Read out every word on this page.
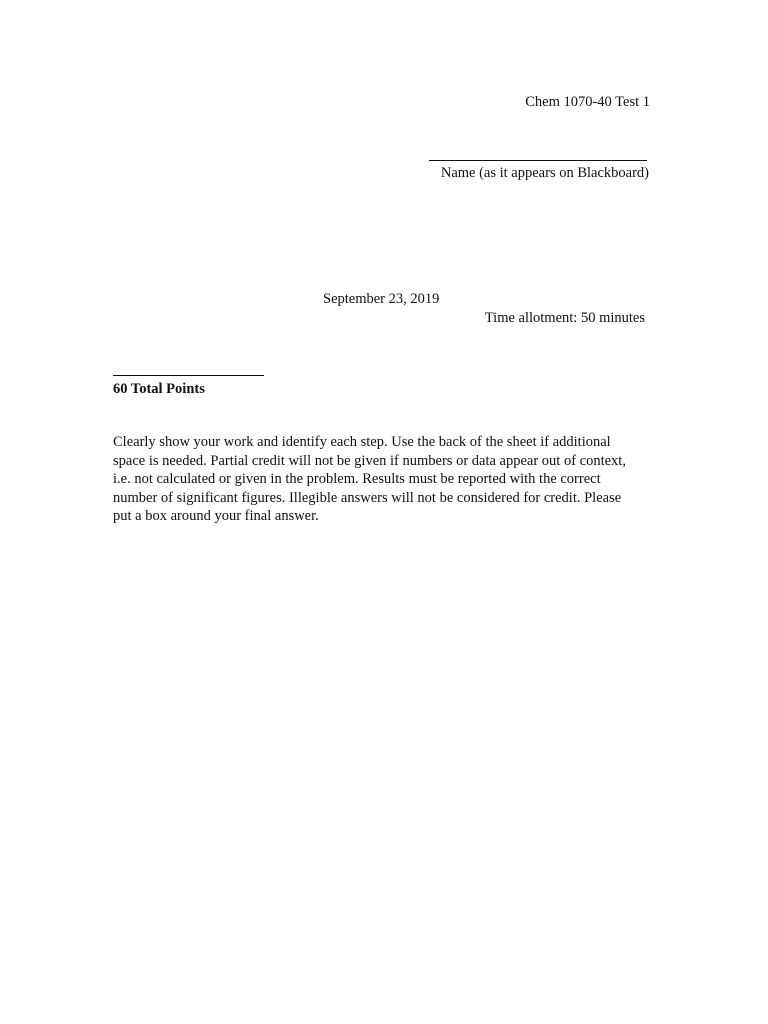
Chem 1070-40 Test 1
Name (as it appears on Blackboard)
September 23, 2019
Time allotment: 50 minutes
60 Total Points
Clearly show your work and identify each step. Use the back of the sheet if additional
space is needed. Partial credit will not be given if numbers or data appear out of context,
i.e. not calculated or given in the problem. Results must be reported with the correct
number of significant figures. Illegible answers will not be considered for credit. Please
put a box around your final answer.
